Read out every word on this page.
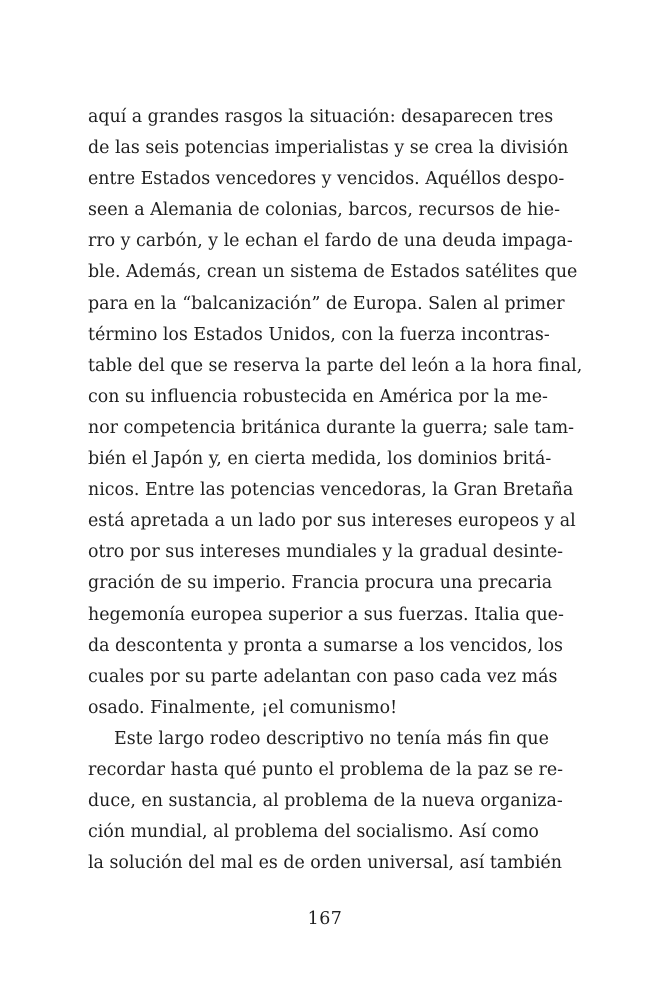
aquí a grandes rasgos la situación: desaparecen tres
de las seis potencias imperialistas y se crea la división
entre Estados vencedores y vencidos. Aquéllos despo-
seen a Alemania de colonias, barcos, recursos de hie-
rro y carbón, y le echan el fardo de una deuda impaga-
ble. Además, crean un sistema de Estados satélites que
para en la “balcanización” de Europa. Salen al primer
término los Estados Unidos, con la fuerza incontras-
table del que se reserva la parte del león a la hora final,
con su influencia robustecida en América por la me-
nor competencia británica durante la guerra; sale tam-
bién el Japón y, en cierta medida, los dominios britá-
nicos. Entre las potencias vencedoras, la Gran Bretaña
está apretada a un lado por sus intereses europeos y al
otro por sus intereses mundiales y la gradual desinte-
gración de su imperio. Francia procura una precaria
hegemonía europea superior a sus fuerzas. Italia que-
da descontenta y pronta a sumarse a los vencidos, los
cuales por su parte adelantan con paso cada vez más
osado. Finalmente, ¡el comunismo!
Este largo rodeo descriptivo no tenía más fin que
recordar hasta qué punto el problema de la paz se re-
duce, en sustancia, al problema de la nueva organiza-
ción mundial, al problema del socialismo. Así como
la solución del mal es de orden universal, así también
167
